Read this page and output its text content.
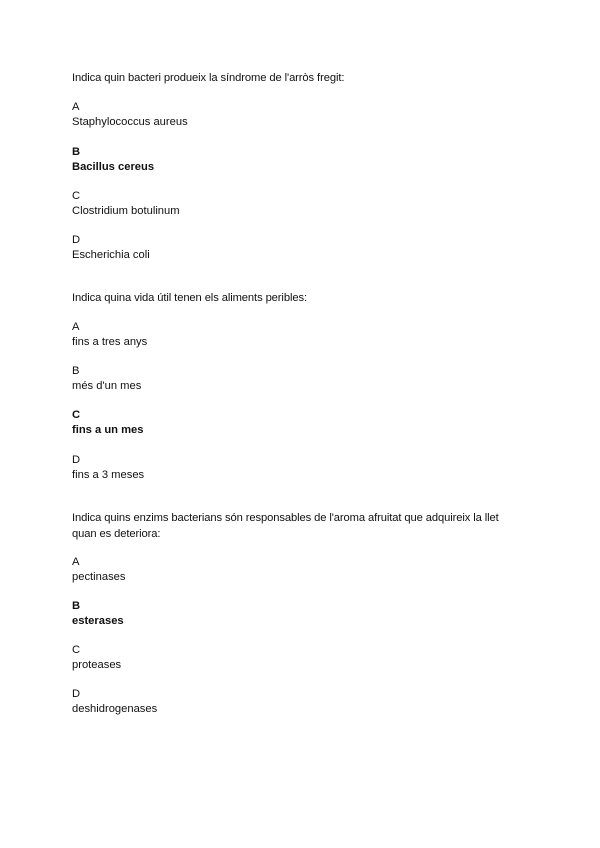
Indica quin bacteri produeix la síndrome de l'arròs fregit:

A
Staphylococcus aureus
B
Bacillus cereus
C
Clostridium botulinum
D
Escherichia coli

Indica quina vida útil tenen els aliments peribles:

A
fins a tres anys
B
més d'un mes
C
fins a un mes
D
fins a 3 meses

Indica quins enzims bacterians són responsables de l'aroma afruitat que adquireix la llet quan es deteriora:

A
pectinases
B
esterases
C
proteases
D
deshidrogenases
